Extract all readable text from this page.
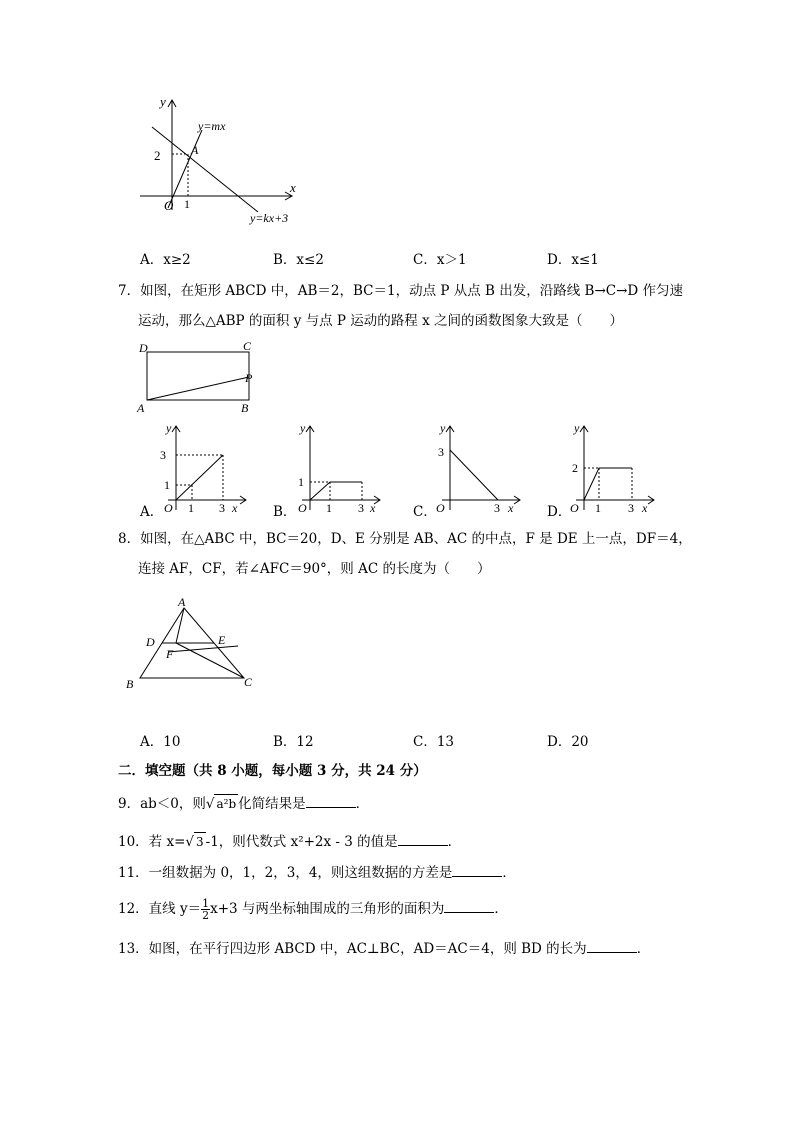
y
x
y=mx
y=kx+3
2
1
A
O
A．x≥2	B．x≤2	C．x＞1	D．x≤1
7．如图，在矩形 ABCD 中，AB＝2，BC＝1，动点 P 从点 B 出发，沿路线 B→C→D 作匀速
运动，那么△ABP 的面积 y 与点 P 运动的路程 x 之间的函数图象大致是（　　）
D	C
P
A	B
A．
y
3
1
O 1 3 x	B．
y
1
O 1 3 x	C．
y
3
O	3 x D．
y
2
O 1 3 x
8．如图，在△ABC 中，BC＝20，D、E 分别是 AB、AC 的中点，F 是 DE 上一点，DF＝4，
连接 AF，CF，若∠AFC＝90°，则 AC 的长度为（　　）
A
D	E
F
B	C
A．10	B．12	C．13	D．20
二．填空题（共 8 小题，每小题 3 分，共 24 分）
9．ab＜0，则√ a²b 化简结果是	．
10．若 x=√ 3 -1，则代数式 x²+2x - 3 的值是	．
11．一组数据为 0，1，2，3，4，则这组数据的方差是	．
12．直线 $y= \frac{1}{2} x+3$ 与两坐标轴围成的三角形的面积为	．
13．如图，在平行四边形 ABCD 中，AC⊥BC，AD＝AC＝4，则 BD 的长为	．
